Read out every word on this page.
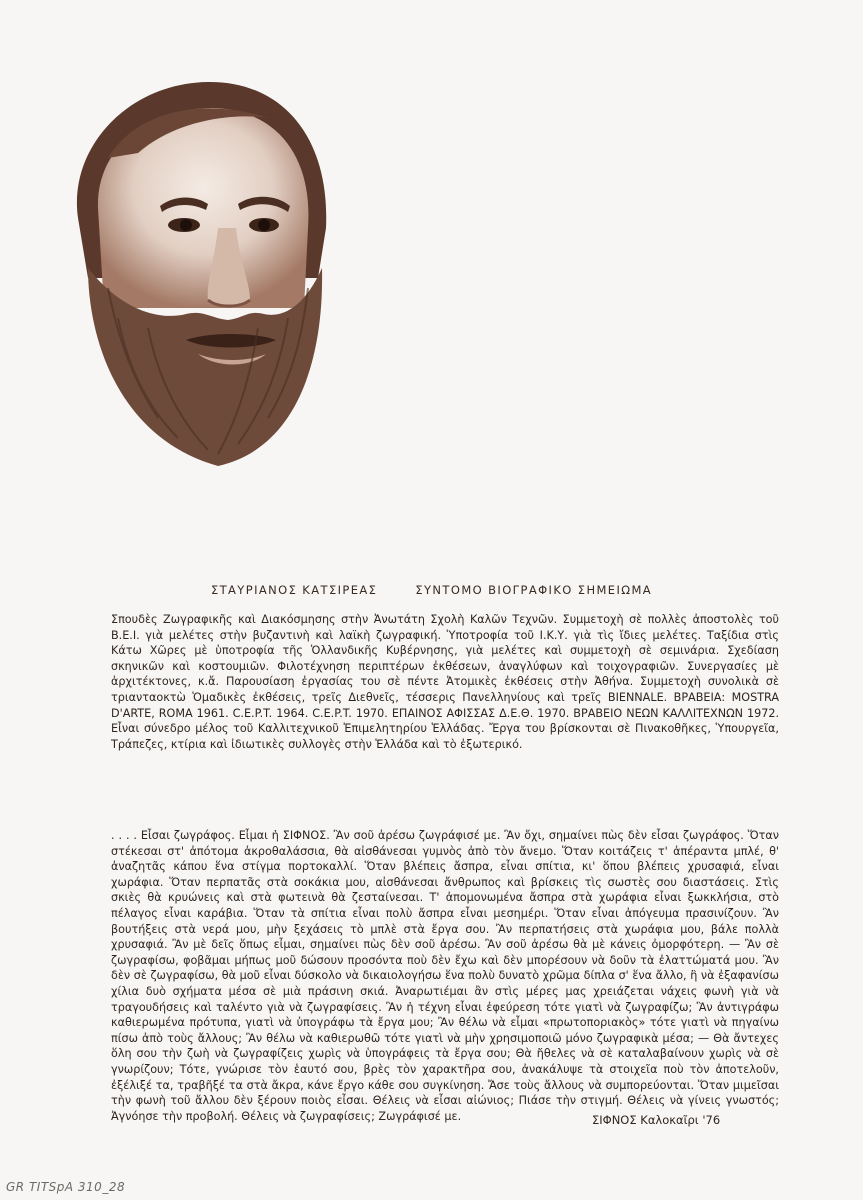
ΣΤΑΥΡΙΑΝΟΣ ΚΑΤΣΙΡΕΑΣ	ΣΥΝΤΟΜΟ ΒΙΟΓΡΑΦΙΚΟ ΣΗΜΕΙΩΜΑ
Σπουδὲς Ζωγραφικῆς καὶ Διακόσμησης στὴν Ἀνωτάτη Σχολὴ Καλῶν Τεχνῶν. Συμμετοχὴ σὲ πολλὲς ἀποστολὲς τοῦ Β.Ε.Ι. γιὰ μελέτες στὴν βυζαντινὴ καὶ λαϊκὴ ζωγραφική. Ὑποτροφία τοῦ Ι.Κ.Υ. γιὰ τὶς ἴδιες μελέτες. Ταξίδια στὶς Κάτω Χῶρες μὲ ὑποτροφία τῆς Ὁλλανδικῆς Κυβέρνησης, γιὰ μελέτες καὶ συμμετοχὴ σὲ σεμινάρια. Σχεδίαση σκηνικῶν καὶ κοστουμιῶν. Φιλοτέχνηση περιπτέρων ἐκθέσεων, ἀναγλύφων καὶ τοιχογραφιῶν. Συνεργασίες μὲ ἀρχιτέκτονες, κ.ἄ. Παρουσίαση ἐργασίας του σὲ πέντε Ἀτομικὲς ἐκθέσεις στὴν Ἀθήνα. Συμμετοχὴ συνολικὰ σὲ τριανταοκτὼ Ὁμαδικὲς ἐκθέσεις, τρεῖς Διεθνεῖς, τέσσερις Πανελληνίους καὶ τρεῖς BIENNALE. ΒΡΑΒΕΙΑ: MOSTRA D'ARTE, ROMA 1961. C.E.P.T. 1964. C.E.P.T. 1970. ΕΠΑΙΝΟΣ ΑΦΙΣΣΑΣ Δ.Ε.Θ. 1970. ΒΡΑΒΕΙΟ ΝΕΩΝ ΚΑΛΛΙΤΕΧΝΩΝ 1972. Εἶναι σύνεδρο μέλος τοῦ Καλλιτεχνικοῦ Ἐπιμελητηρίου Ἑλλάδας. Ἔργα του βρίσκονται σὲ Πινακοθῆκες, Ὑπουργεῖα, Τράπεζες, κτίρια καὶ ἰδιωτικὲς συλλογὲς στὴν Ἑλλάδα καὶ τὸ ἐξωτερικό.
. . . . Εἶσαι ζωγράφος. Εἶμαι ἡ ΣΙΦΝΟΣ. Ἂν σοῦ ἀρέσω ζωγράφισέ με. Ἂν ὄχι, σημαίνει πὼς δὲν εἶσαι ζωγράφος. Ὅταν στέκεσαι στ' ἀπότομα ἀκροθαλάσσια, θὰ αἰσθάνεσαι γυμνὸς ἀπὸ τὸν ἄνεμο. Ὅταν κοιτάζεις τ' ἀπέραντα μπλέ, θ' ἀναζητᾶς κάπου ἕνα στίγμα πορτοκαλλί. Ὅταν βλέπεις ἄσπρα, εἶναι σπίτια, κι' ὅπου βλέπεις χρυσαφιά, εἶναι χωράφια. Ὅταν περπατᾶς στὰ σοκάκια μου, αἰσθάνεσαι ἄνθρωπος καὶ βρίσκεις τὶς σωστὲς σου διαστάσεις. Στὶς σκιὲς θὰ κρυώνεις καὶ στὰ φωτεινὰ θὰ ζεσταίνεσαι. Τ' ἀπομονωμένα ἄσπρα στὰ χωράφια εἶναι ξωκκλήσια, στὸ πέλαγος εἶναι καράβια. Ὅταν τὰ σπίτια εἶναι πολὺ ἄσπρα εἶναι μεσημέρι. Ὅταν εἶναι ἀπόγευμα πρασινίζουν. Ἂν βουτήξεις στὰ νερά μου, μὴν ξεχάσεις τὸ μπλὲ στὰ ἔργα σου. Ἂν περπατήσεις στὰ χωράφια μου, βάλε πολλὰ χρυσαφιά. Ἂν μὲ δεῖς ὅπως εἶμαι, σημαίνει πὼς δὲν σοῦ ἀρέσω. Ἂν σοῦ ἀρέσω θὰ μὲ κάνεις ὀμορφότερη. — Ἂν σὲ ζωγραφίσω, φοβᾶμαι μήπως μοῦ δώσουν προσόντα ποὺ δὲν ἔχω καὶ δὲν μπορέσουν νὰ δοῦν τὰ ἐλαττώματά μου. Ἂν δὲν σὲ ζωγραφίσω, θὰ μοῦ εἶναι δύσκολο νὰ δικαιολογήσω ἕνα πολὺ δυνατὸ χρῶμα δίπλα σ' ἕνα ἄλλο, ἢ νὰ ἐξαφανίσω χίλια δυὸ σχήματα μέσα σὲ μιὰ πράσινη σκιά. Ἀναρωτιέμαι ἂν στὶς μέρες μας χρειάζεται νάχεις φωνὴ γιὰ νὰ τραγουδήσεις καὶ ταλέντο γιὰ νὰ ζωγραφίσεις. Ἂν ἡ τέχνη εἶναι ἐφεύρεση τότε γιατὶ νὰ ζωγραφίζω; Ἂν ἀντιγράφω καθιερωμένα πρότυπα, γιατὶ νὰ ὑπογράφω τὰ ἔργα μου; Ἂν θέλω νὰ εἶμαι «πρωτοποριακὸς» τότε γιατὶ νὰ πηγαίνω πίσω ἀπὸ τοὺς ἄλλους; Ἂν θέλω νὰ καθιερωθῶ τότε γιατὶ νὰ μὴν χρησιμοποιῶ μόνο ζωγραφικὰ μέσα; — Θὰ ἄντεχες ὅλη σου τὴν ζωὴ νὰ ζωγραφίζεις χωρὶς νὰ ὑπογράφεις τὰ ἔργα σου; Θὰ ἤθελες νὰ σὲ καταλαβαίνουν χωρὶς νὰ σὲ γνωρίζουν; Τότε, γνώρισε τὸν ἑαυτό σου, βρὲς τὸν χαρακτῆρα σου, ἀνακάλυψε τὰ στοιχεῖα ποὺ τὸν ἀποτελοῦν, ἐξέλιξέ τα, τραβῆξέ τα στὰ ἄκρα, κάνε ἔργο κάθε σου συγκίνηση. Ἄσε τοὺς ἄλλους νὰ συμπορεύονται. Ὅταν μιμεῖσαι τὴν φωνὴ τοῦ ἄλλου δὲν ξέρουν ποιὸς εἶσαι. Θέλεις νὰ εἶσαι αἰώνιος; Πιάσε τὴν στιγμή. Θέλεις νὰ γίνεις γνωστός; Ἀγνόησε τὴν προβολή. Θέλεις νὰ ζωγραφίσεις; Ζωγράφισέ με.	ΣΙΦΝΟΣ Καλοκαῖρι '76
GR TITSpA 310_28
